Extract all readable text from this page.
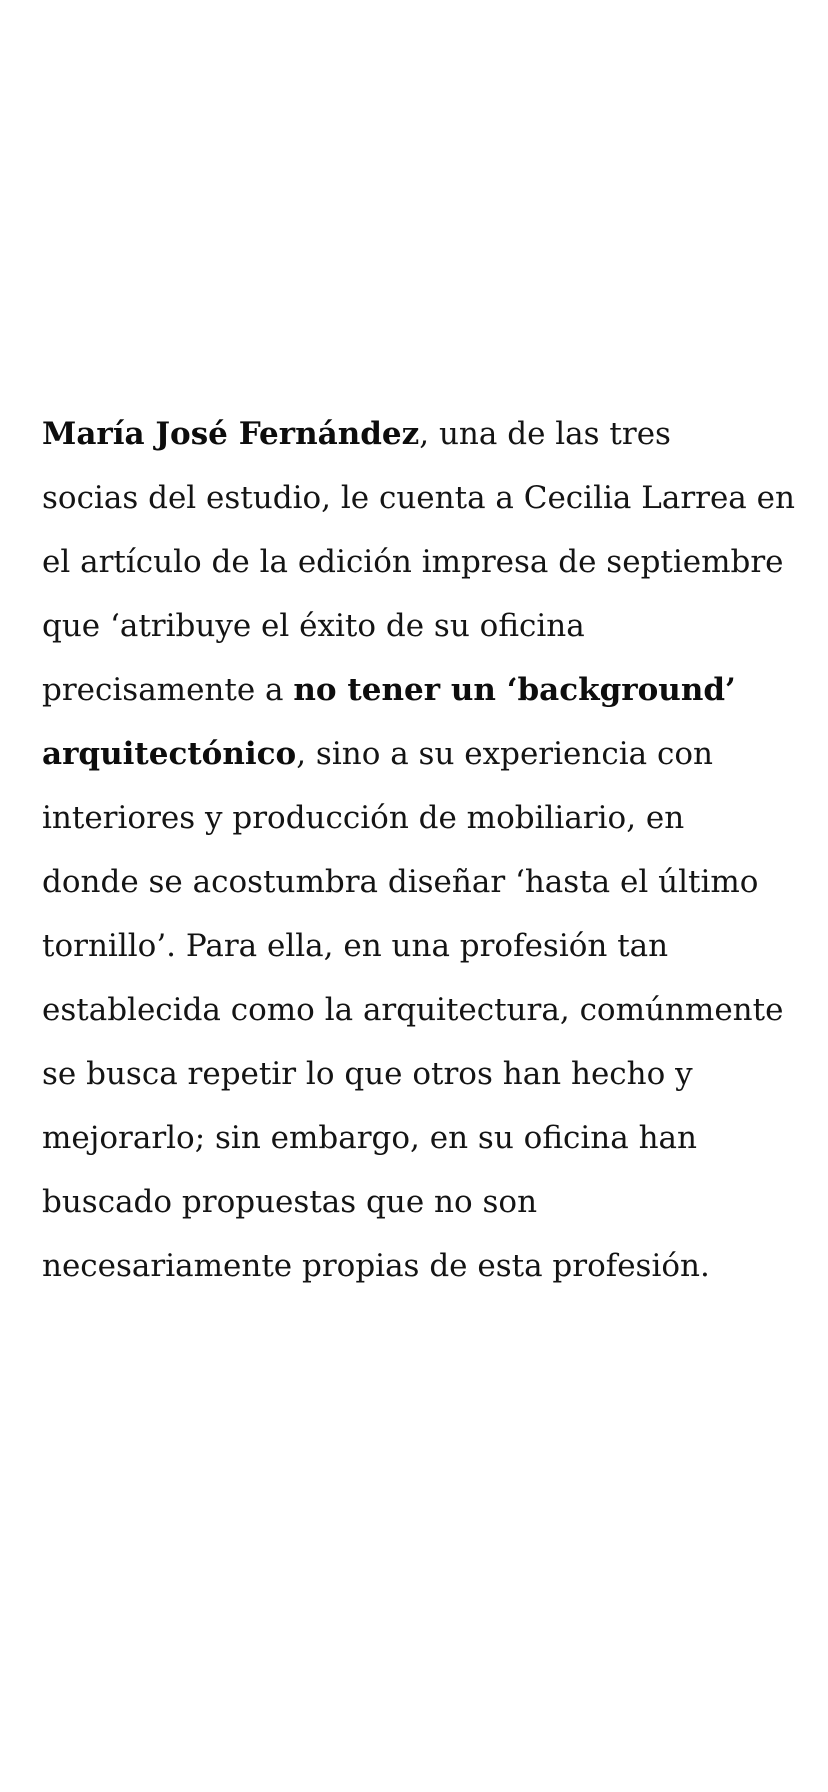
María José Fernández, una de las tres
socias del estudio, le cuenta a Cecilia Larrea en
el artículo de la edición impresa de septiembre
que ‘atribuye el éxito de su oficina
precisamente a no tener un ‘background’
arquitectónico, sino a su experiencia con
interiores y producción de mobiliario, en
donde se acostumbra diseñar ‘hasta el último
tornillo’. Para ella, en una profesión tan
establecida como la arquitectura, comúnmente
se busca repetir lo que otros han hecho y
mejorarlo; sin embargo, en su oficina han
buscado propuestas que no son
necesariamente propias de esta profesión.
